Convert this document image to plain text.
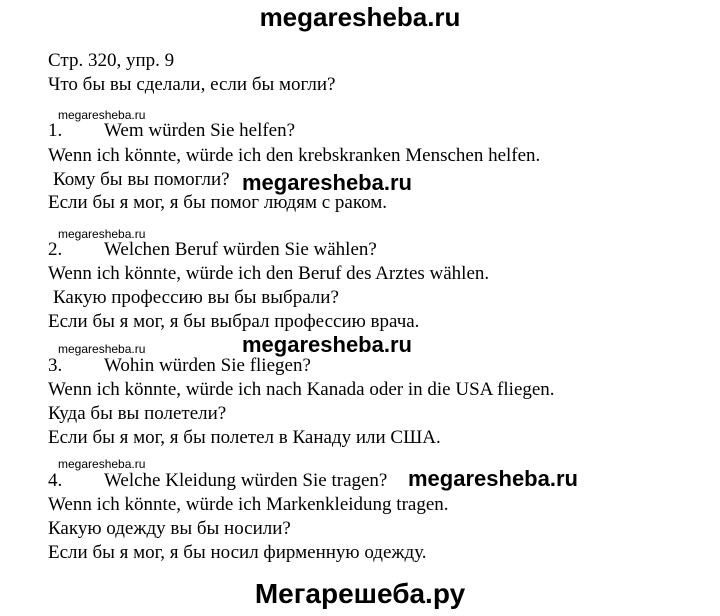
megaresheba.ru
Стр. 320, упр. 9
Что бы вы сделали, если бы могли?
megaresheba.ru
1. Wem würden Sie helfen?
Wenn ich könnte, würde ich den krebskranken Menschen helfen.
Кому бы вы помогли? megaresheba.ru
Если бы я мог, я бы помог людям с раком.
megaresheba.ru
2. Welchen Beruf würden Sie wählen?
Wenn ich könnte, würde ich den Beruf des Arztes wählen.
Какую профессию вы бы выбрали?
Если бы я мог, я бы выбрал профессию врача.
megaresheba.ru	megaresheba.ru
3. Wohin würden Sie fliegen?
Wenn ich könnte, würde ich nach Kanada oder in die USA fliegen.
Куда бы вы полетели?
Если бы я мог, я бы полетел в Канаду или США.
megaresheba.ru
4. Welche Kleidung würden Sie tragen? megaresheba.ru
Wenn ich könnte, würde ich Markenkleidung tragen.
Какую одежду вы бы носили?
Если бы я мог, я бы носил фирменную одежду.
Мегарешеба.ру
